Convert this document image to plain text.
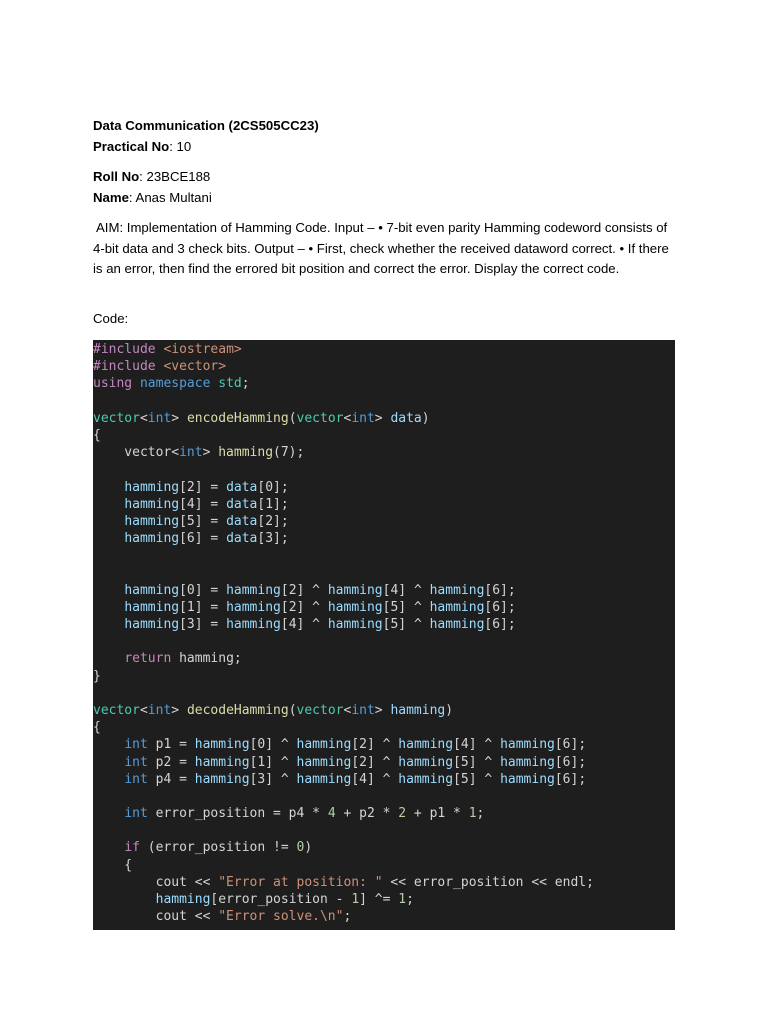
Data Communication (2CS505CC23)
Practical No: 10
Roll No: 23BCE188
Name: Anas Multani
AIM: Implementation of Hamming Code. Input – • 7-bit even parity Hamming codeword consists of 4-bit data and 3 check bits. Output – • First, check whether the received dataword correct. • If there is an error, then find the errored bit position and correct the error. Display the correct code.
Code:
#include <iostream>
#include <vector>
using namespace std;
vector<int> encodeHamming(vector<int> data)
{
vector<int> hamming(7);
hamming[2] = data[0];
hamming[4] = data[1];
hamming[5] = data[2];
hamming[6] = data[3];
hamming[0] = hamming[2] ^ hamming[4] ^ hamming[6];
hamming[1] = hamming[2] ^ hamming[5] ^ hamming[6];
hamming[3] = hamming[4] ^ hamming[5] ^ hamming[6];
return hamming;
}
vector<int> decodeHamming(vector<int> hamming)
{
int p1 = hamming[0] ^ hamming[2] ^ hamming[4] ^ hamming[6];
int p2 = hamming[1] ^ hamming[2] ^ hamming[5] ^ hamming[6];
int p4 = hamming[3] ^ hamming[4] ^ hamming[5] ^ hamming[6];
int error_position = p4 * 4 + p2 * 2 + p1 * 1;
if (error_position != 0)
{
cout << "Error at position: " << error_position << endl;
hamming[error_position - 1] ^= 1;
cout << "Error solve.\n";
